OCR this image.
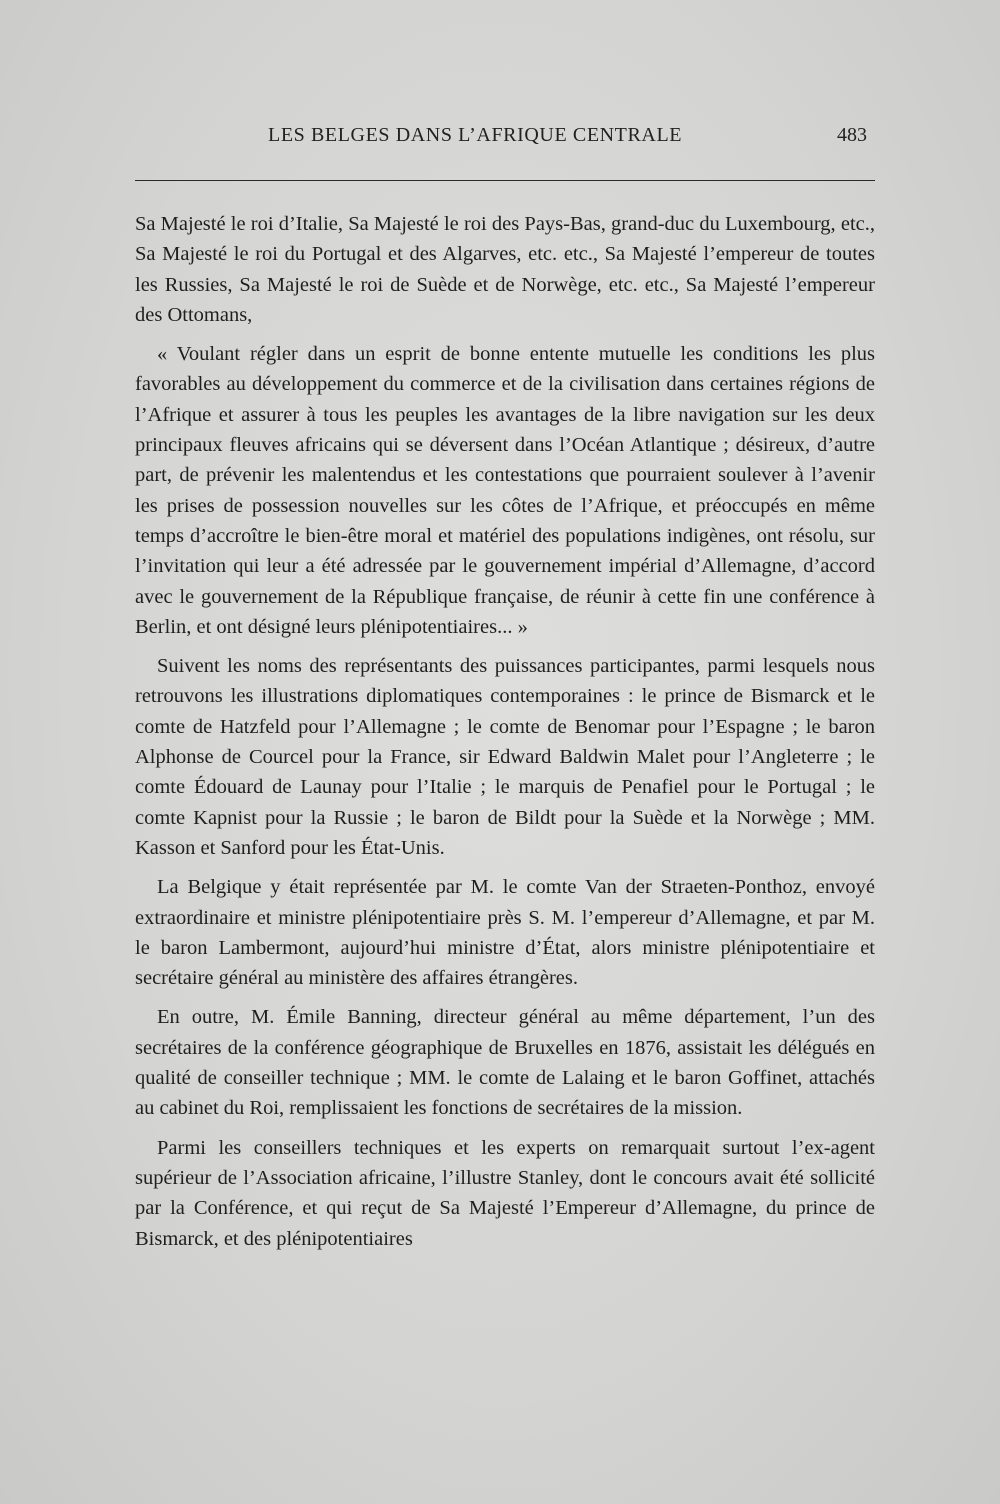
LES BELGES DANS L’AFRIQUE CENTRALE	483

Sa Majesté le roi d’Italie, Sa Majesté le roi des Pays-Bas, grand-duc du Luxembourg, etc., Sa Majesté le roi du Portugal et des Algarves, etc. etc., Sa Majesté l’empereur de toutes les Russies, Sa Majesté le roi de Suède et de Norwège, etc. etc., Sa Majesté l’empereur des Ottomans,

« Voulant régler dans un esprit de bonne entente mutuelle les conditions les plus favorables au développement du commerce et de la civilisation dans certaines régions de l’Afrique et assurer à tous les peuples les avantages de la libre navigation sur les deux principaux fleuves africains qui se déversent dans l’Océan Atlantique ; désireux, d’autre part, de prévenir les malentendus et les contestations que pourraient soulever à l’avenir les prises de possession nouvelles sur les côtes de l’Afrique, et préoccupés en même temps d’accroître le bien-être moral et matériel des populations indigènes, ont résolu, sur l’invitation qui leur a été adressée par le gouvernement impérial d’Allemagne, d’accord avec le gouvernement de la République française, de réunir à cette fin une conférence à Berlin, et ont désigné leurs plénipotentiaires... »

Suivent les noms des représentants des puissances participantes, parmi lesquels nous retrouvons les illustrations diplomatiques contemporaines : le prince de Bismarck et le comte de Hatzfeld pour l’Allemagne ; le comte de Benomar pour l’Espagne ; le baron Alphonse de Courcel pour la France, sir Edward Baldwin Malet pour l’Angleterre ; le comte Édouard de Launay pour l’Italie ; le marquis de Penafiel pour le Portugal ; le comte Kapnist pour la Russie ; le baron de Bildt pour la Suède et la Norwège ; MM. Kasson et Sanford pour les État-Unis.

La Belgique y était représentée par M. le comte Van der Straeten-Ponthoz, envoyé extraordinaire et ministre plénipotentiaire près S. M. l’empereur d’Allemagne, et par M. le baron Lambermont, aujourd’hui ministre d’État, alors ministre plénipotentiaire et secrétaire général au ministère des affaires étrangères.

En outre, M. Émile Banning, directeur général au même département, l’un des secrétaires de la conférence géographique de Bruxelles en 1876, assistait les délégués en qualité de conseiller technique ; MM. le comte de Lalaing et le baron Goffinet, attachés au cabinet du Roi, remplissaient les fonctions de secrétaires de la mission.

Parmi les conseillers techniques et les experts on remarquait surtout l’ex-agent supérieur de l’Association africaine, l’illustre Stanley, dont le concours avait été sollicité par la Conférence, et qui reçut de Sa Majesté l’Empereur d’Allemagne, du prince de Bismarck, et des plénipotentiaires
